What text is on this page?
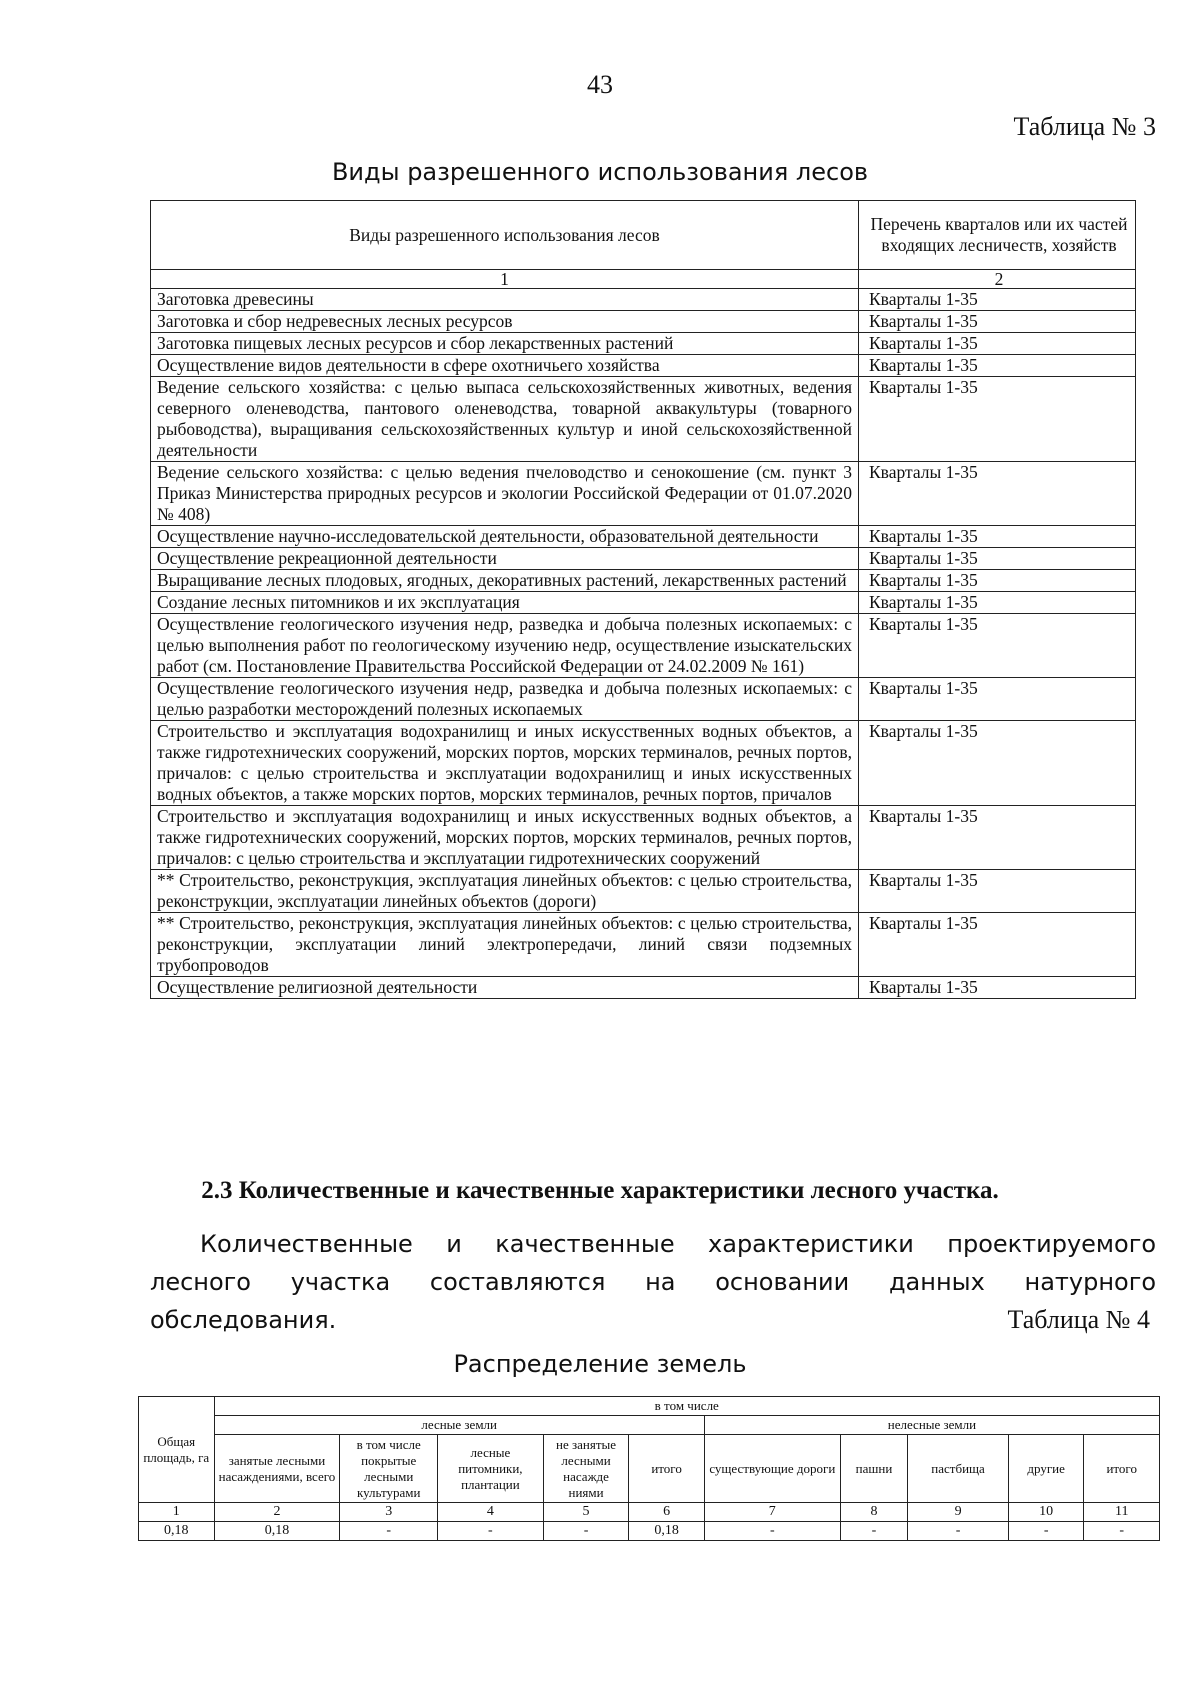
43
Таблица № 3
Виды разрешенного использования лесов
Виды разрешенного использования лесов	Перечень кварталов или их частей входящих лесничеств, хозяйств

1	2
Заготовка древесины	Кварталы 1-35
Заготовка и сбор недревесных лесных ресурсов	Кварталы 1-35
Заготовка пищевых лесных ресурсов и сбор лекарственных растений	Кварталы 1-35
Осуществление видов деятельности в сфере охотничьего хозяйства	Кварталы 1-35
Ведение сельского хозяйства: с целью выпаса сельскохозяйственных животных, ведения северного оленеводства, пантового оленеводства, товарной аквакультуры (товарного рыбоводства), выращивания сельскохозяйственных культур и иной сельскохозяйственной деятельности	Кварталы 1-35
Ведение сельского хозяйства: с целью ведения пчеловодство и сенокошение (см. пункт 3 Приказ Министерства природных ресурсов и экологии Российской Федерации от 01.07.2020 № 408)	Кварталы 1-35
Осуществление научно-исследовательской деятельности, образовательной деятельности	Кварталы 1-35
Осуществление рекреационной деятельности	Кварталы 1-35
Выращивание лесных плодовых, ягодных, декоративных растений, лекарственных растений	Кварталы 1-35
Создание лесных питомников и их эксплуатация	Кварталы 1-35
Осуществление геологического изучения недр, разведка и добыча полезных ископаемых: с целью выполнения работ по геологическому изучению недр, осуществление изыскательских работ (см. Постановление Правительства Российской Федерации от 24.02.2009 № 161)	Кварталы 1-35
Осуществление геологического изучения недр, разведка и добыча полезных ископаемых: с целью разработки месторождений полезных ископаемых	Кварталы 1-35
Строительство и эксплуатация водохранилищ и иных искусственных водных объектов, а также гидротехнических сооружений, морских портов, морских терминалов, речных портов, причалов: с целью строительства и эксплуатации водохранилищ и иных искусственных водных объектов, а также морских портов, морских терминалов, речных портов, причалов	Кварталы 1-35
Строительство и эксплуатация водохранилищ и иных искусственных водных объектов, а также гидротехнических сооружений, морских портов, морских терминалов, речных портов, причалов: с целью строительства и эксплуатации гидротехнических сооружений	Кварталы 1-35
** Строительство, реконструкция, эксплуатация линейных объектов: с целью строительства, реконструкции, эксплуатации линейных объектов (дороги)	Кварталы 1-35
** Строительство, реконструкция, эксплуатация линейных объектов: с целью строительства, реконструкции, эксплуатации линий электропередачи, линий связи подземных трубопроводов	Кварталы 1-35
Осуществление религиозной деятельности	Кварталы 1-35
2.3 Количественные и качественные характеристики лесного участка.
Количественные и качественные характеристики проектируемого лесного участка составляются на основании данных натурного обследования.	Таблица № 4
Распределение земель
Общая площадь, га	в том числе									
	лесные земли					нелесные земли				
	занятые лесными насаждениями, всего	в том числе покрытые лесными культурами	лесные питомники, плантации	не занятые лесными насажде ниями	итого	существующие дороги	пашни	пастбища	другие	итого
1	2	3	4	5	6	7	8	9	10	11
0,18	0,18	-	-	-	0,18	-	-	-	-	-
